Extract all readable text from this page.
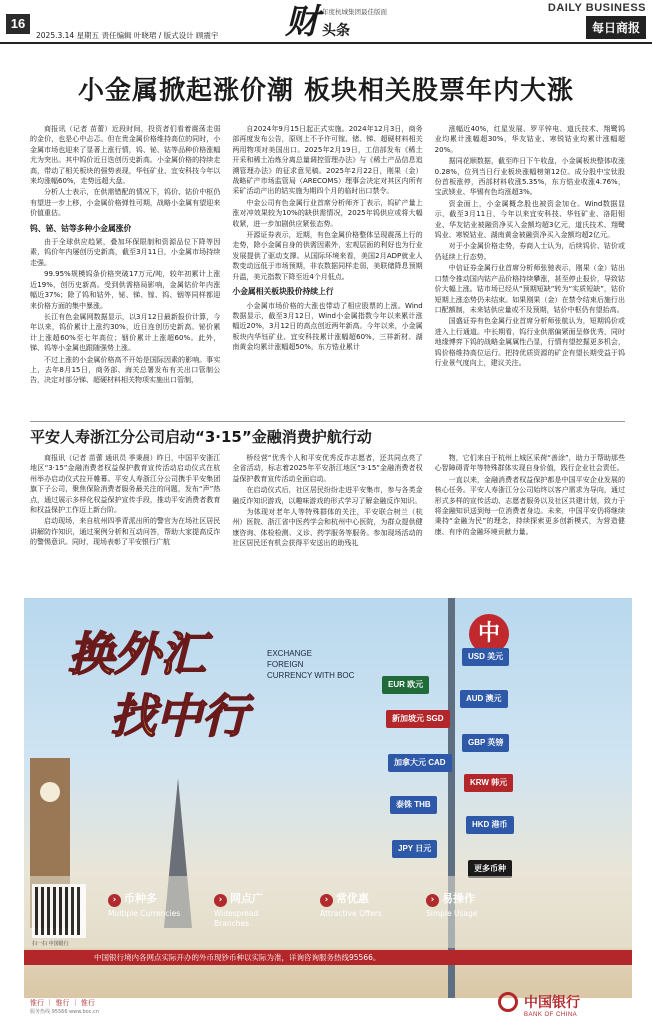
16
2025.3.14 星期五 责任编辑 叶晓珺 / 版式设计 顾震宇 财 年度杭城集团最佳版面
头条
DAILY BUSINESS
每日商报
小金属掀起涨价潮 板块相关股票年内大涨

商报讯（记者 苗蕾）近段时间，投资者们看着震荡走弱的金价，也是心中忐忑。但在贵金属价格维持高位的同时，小金属市场也迎来了显著上涨行情，钨、铋、钴等品种价格涨幅尤为突出。其中钨价近日迭创历史新高。小金属价格的持续走高，带动了相关板块的强势表现，华钰矿业、宜安科技今年以来均涨幅60%，走势远超大盘。

分析人士表示，在供需错配的情况下，钨价、钴价中枢仍有望进一步上移，小金属价格弹性可期，战略小金属有望迎来价值重估。

钨、铋、钴等多种小金属涨价

由于全球供应趋紧，叠加环保限制和资源品位下降等因素，钨价年内屡创历史新高，截至3月11日，小金属市场持续走强。

99.95%规模钨条价格突破17万元/吨，较年初累计上涨近19%，创历史新高。受到供需格局影响，金属钴价年内涨幅近37%；除了钨和钴外，铋、锑、镓、钨、铟等同样都迎来价格方面的集中暴涨。

长江有色金属网数据显示，以3月12日最新报价计算，今年以来，钨价累计上涨约30%，近日连创历史新高。铋价累计上涨超60%至七年高位；铟价累计上涨超60%。此外，锑、钨等小金属也跟随强势上涨。

不过上涨的小金属价格高不开始是国际因素的影响。事实上，去年8月15日，商务部、海关总署发布有关出口管制公告，决定对部分锑、超硬材料相关物项实施出口管制，

自2024年9月15日起正式实施。2024年12月3日，商务部再度发布公告，原则上不予许可镓、锗、锑、超硬材料相关两用物项对美国出口。2025年2月19日，工信部发布《稀土开采和稀土冶炼分离总量调控管理办法》与《稀土产品信息追溯管理办法》的征求意见稿。2025年2月22日，刚果（金）战略矿产市场监管局（ARECOMS）理事会决定对其区内所有采矿活动产出的钴实施为期四个月的临时出口禁令。

中金公司有色金属行业首席分析师齐丁表示，钨矿产量上涨对冲效果较为10%的缺供需情况，2025年钨供应或将大幅收紧，进一步加剧供应紧张态势。

开源证券表示，近期，有色金属价格整体呈现震荡上行的走势，除小金属自身的供需因素外，宏观层面的利好也为行业发展提供了驱动支撑。从国际环境来看，美国2月ADP就业人数变动远低于市场预期，非农数据同样走弱，美联储降息预期升温，美元指数下降至近4个月低点。

小金属相关板块股价持续上行

小金属市场价格的大涨也带动了相应股票的上涨。Wind数据显示，截至3月12日，Wind小金属指数今年以来累计涨幅近20%，3月12日的高点创近两年新高。今年以来，小金属板块内华钰矿业、宜安科技累计涨幅超60%，三祥新材、湖南黄金均累计涨幅超50%，东方锆业累计

涨幅近40%，红星发展、罗平锌电、道氏技术、翔鹭钨业均累计涨幅超30%，华友钴业、寒锐钴业均累计涨幅超20%。

据同花顺数据，截至昨日下午收盘，小金属板块整体收涨0.28%，位列当日行业板块涨幅榜第12位。成分股中宝钛股份首板涨停，西部材料收涨5.35%，东方锆业收涨4.76%，宝武镁业、华锡有色均涨超3%。

资金面上，小金属概念股也被资金加仓。Wind数据显示，截至3月11日，今年以来宜安科技、华钰矿业、洛阳钼业、华友钴业被融资净买入金额均超3亿元，道氏技术、翔鹭钨业、寒锐钴业、湖南黄金被融资净买入金额均超2亿元。

对于小金属价格走势，券商人士认为，后续钨价、钴价或仍延续上行态势。

中信证券金属行业首席分析师张驰表示，刚果（金）钴出口禁令推动国内钴产品价格持续攀涨，甚至停止报价，导致钴价大幅上涨。钴市场已经从“预期短缺”转为“实质短缺”，钴价短期上涨态势仍未结束。如果刚果（金）在禁令结束后施行出口配额制，未来钴供应量或不及预期，钴价中枢仍有望抬高。

国盛证券有色金属行业首席分析师张航认为，短期钨价或进入上行通道。中长期看，钨行业供需偏紧面呈修优秀，同时地缘博弈下钨的战略金属属性凸显，行情有望挖掘更多机会，钨价格维持高位运行。把持优质资源的矿企有望长期受益于钨行业景气度向上，建议关注。

平安人寿浙江分公司启动“3·15”金融消费护航行动

商报讯（记者 苗蕾 通讯员 季秉晨）昨日，中国平安浙江地区“3·15”金融消费者权益保护教育宣传活动启动仪式在杭州举办启动仪式拉开帷幕。平安人寿浙江分公司携手平安集团旗下子公司，聚焦保险消费者服务最关注的问题，发布“声”热点，通过展示多样化权益保护宣传手段，推动平安消费者教育和权益保护工作迈上新台阶。

启动现场，来自杭州四季青派出所的警官为在场社区居民讲解防诈知识，通过案例分析和互动问答，帮助大家提高反诈的警惕意识。同时，现场表彰了平安银行广航

桥经营“优秀个人和平安优秀反诈志愿者，还共同点亮了全省活动，标志着2025年平安浙江地区“3·15”金融消费者权益保护教育宣传活动全面启动。

在启动仪式后，社区居民纷纷走进平安集市，参与各类金融反诈知识游戏，以趣味游戏的形式学习了解金融反诈知识。

为体现对老年人等特殊群体的关注，平安联合树兰（杭州）医院、浙江省中医药学会和杭州中心医院，为群众提供健康咨询、体检检测、义诊、药学服务等服务。参加现场活动的社区居民还有机会获得平安送出的助残礼

物，它们来自于杭州上城区采荷“善涂”，助力于帮助那些心智障碍青年等特殊群体实现自身价值，践行企业社会责任。

一直以来，金融消费者权益保护都是中国平安企业发展的核心任务。平安人寿浙江分公司始终以客户需求为导向，通过形式多样的宣传活动、志愿者服务以及社区共建计划，致力于将金融知识送到每一位消费者身边。未来，中国平安仍将继续秉持“金融为民”的理念，持续探索更多创新模式，为营造健康、有序的金融环境贡献力量。

换外汇
找中行
EXCHANGE
FOREIGN
CURRENCY WITH BOC
中
USD 美元
EUR 欧元
AUD 澳元
新加坡元 SGD
GBP 英镑
加拿大元 CAD
KRW 韩元
泰铢 THB
HKD 港币
JPY 日元
更多币种
扫一扫 中国银行
› 币种多
Multiple Currencies
› 网点广
Widespread Branches
› 常优惠
Attractive Offers
› 易操作
Simple Usage
中国银行境内各网点实际开办的外币现钞币种以实际为准，详询咨询服务热线95566。
惟行 ｜ 惟行 ｜ 惟行
服务热线 95566 www.boc.cn
中国银行
BANK OF CHINA
